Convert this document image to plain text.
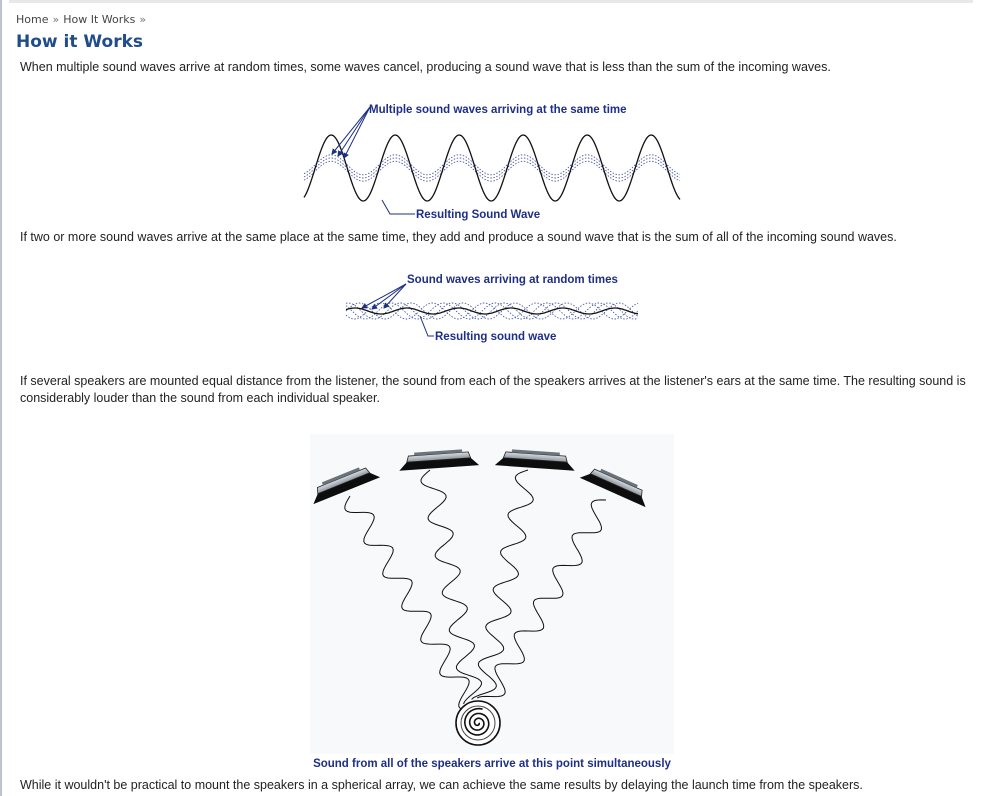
Home » How It Works »
How it Works

When multiple sound waves arrive at random times, some waves cancel, producing a sound wave that is less than the sum of the incoming waves.

Multiple sound waves arriving at the same time
Resulting Sound Wave

If two or more sound waves arrive at the same place at the same time, they add and produce a sound wave that is the sum of all of the incoming sound waves.

Sound waves arriving at random times
Resulting sound wave

If several speakers are mounted equal distance from the listener, the sound from each of the speakers arrives at the listener's ears at the same time. The resulting sound is considerably louder than the sound from each individual speaker.

Sound from all of the speakers arrive at this point simultaneously

While it wouldn't be practical to mount the speakers in a spherical array, we can achieve the same results by delaying the launch time from the speakers.
